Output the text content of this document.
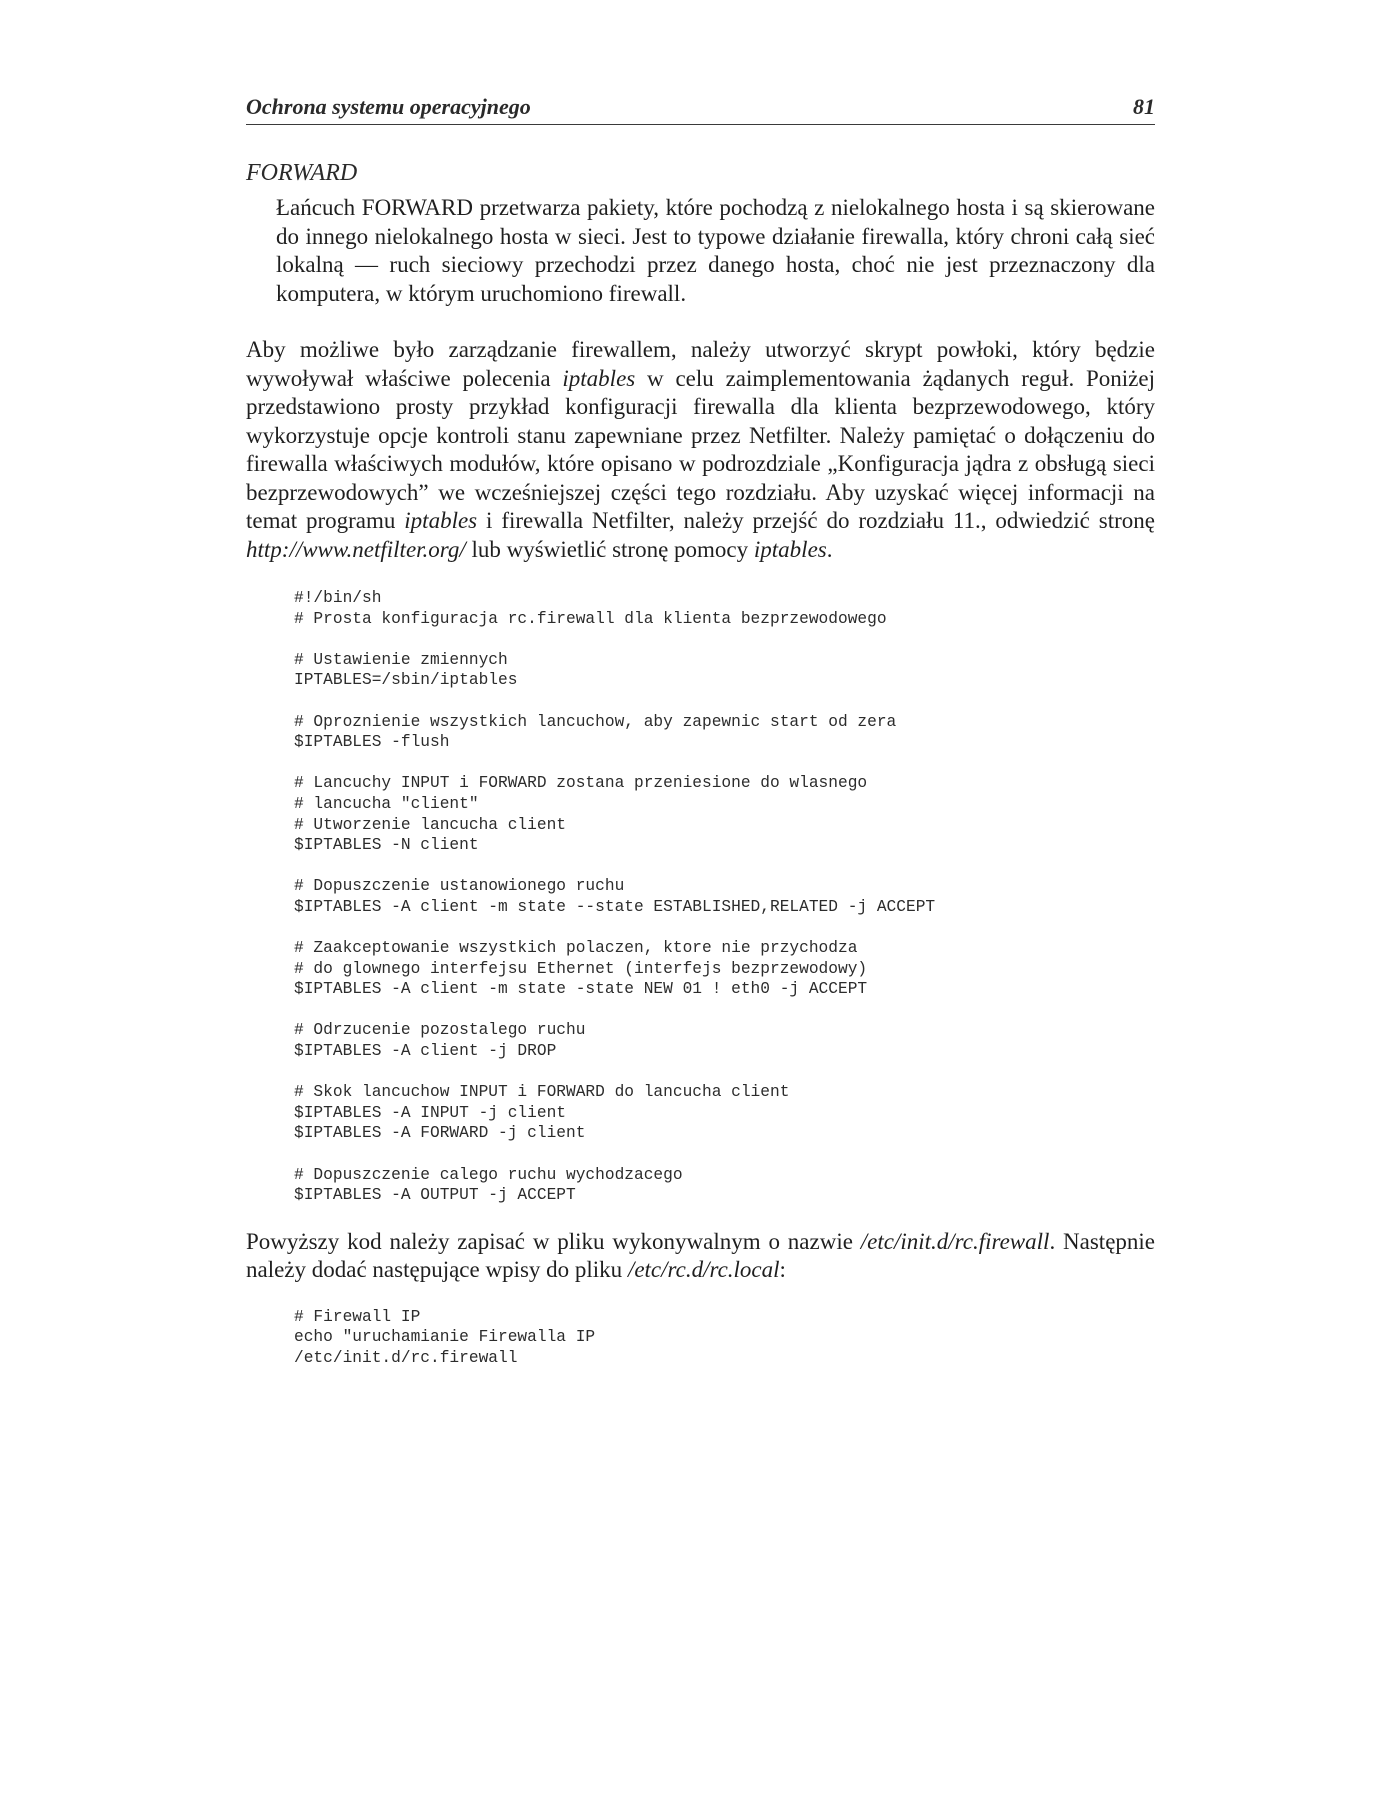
Ochrona systemu operacyjnego	81
FORWARD

Łańcuch FORWARD przetwarza pakiety, które pochodzą z nielokalnego hosta i są skierowane do innego nielokalnego hosta w sieci. Jest to typowe działanie firewalla, który chroni całą sieć lokalną — ruch sieciowy przechodzi przez danego hosta, choć nie jest przeznaczony dla komputera, w którym uruchomiono firewall.

Aby możliwe było zarządzanie firewallem, należy utworzyć skrypt powłoki, który będzie wywoływał właściwe polecenia iptables w celu zaimplementowania żądanych reguł. Poniżej przedstawiono prosty przykład konfiguracji firewalla dla klienta bezprzewodowego, który wykorzystuje opcje kontroli stanu zapewniane przez Netfilter. Należy pamiętać o dołączeniu do firewalla właściwych modułów, które opisano w podrozdziale „Konfiguracja jądra z obsługą sieci bezprzewodowych” we wcześniejszej części tego rozdziału. Aby uzyskać więcej informacji na temat programu iptables i firewalla Netfilter, należy przejść do rozdziału 11., odwiedzić stronę http://www.netfilter.org/ lub wyświetlić stronę pomocy iptables.

#!/bin/sh
# Prosta konfiguracja rc.firewall dla klienta bezprzewodowego
# Ustawienie zmiennych
IPTABLES=/sbin/iptables
# Oproznienie wszystkich lancuchow, aby zapewnic start od zera
$IPTABLES -flush
# Lancuchy INPUT i FORWARD zostana przeniesione do wlasnego
# lancucha "client"
# Utworzenie lancucha client
$IPTABLES -N client
# Dopuszczenie ustanowionego ruchu
$IPTABLES -A client -m state --state ESTABLISHED,RELATED -j ACCEPT
# Zaakceptowanie wszystkich polaczen, ktore nie przychodza
# do glownego interfejsu Ethernet (interfejs bezprzewodowy)
$IPTABLES -A client -m state -state NEW 01 ! eth0 -j ACCEPT
# Odrzucenie pozostalego ruchu
$IPTABLES -A client -j DROP
# Skok lancuchow INPUT i FORWARD do lancucha client
$IPTABLES -A INPUT -j client
$IPTABLES -A FORWARD -j client
# Dopuszczenie calego ruchu wychodzacego
$IPTABLES -A OUTPUT -j ACCEPT

Powyższy kod należy zapisać w pliku wykonywalnym o nazwie /etc/init.d/rc.firewall. Następnie należy dodać następujące wpisy do pliku /etc/rc.d/rc.local:

# Firewall IP
echo "uruchamianie Firewalla IP
/etc/init.d/rc.firewall
